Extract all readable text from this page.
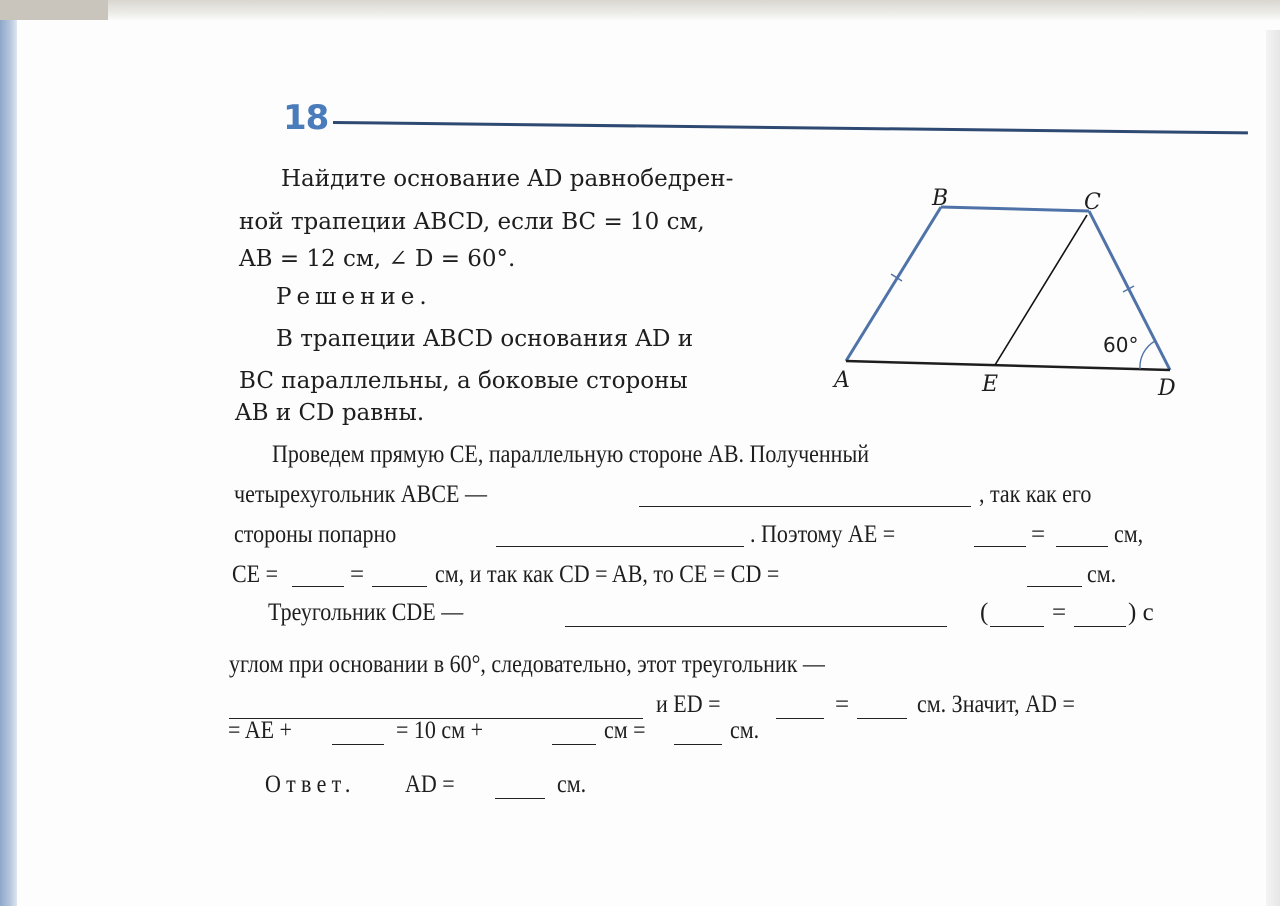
18
Найдите основание AD равнобедрен-
ной трапеции ABCD, если BC = 10 см,
AB = 12 см, ∠ D = 60°.
Решение.
В трапеции ABCD основания AD и
BC параллельны, а боковые стороны
AB и CD равны.
Проведем прямую CE, параллельную стороне AB. Полученный
четырехугольник ABCE —	, так как его
стороны попарно	. Поэтому AE =	=	см,
CE =	=	см, и так как CD = AB, то CE = CD =	см.
Треугольник CDE —	(	= ) с
углом при основании в 60°, следовательно, этот треугольник —
и ED =	=	см. Значит, AD =
= AE +	= 10 см +	см =	см.
Ответ. AD =	см.
B	C
A	E	D
60°
